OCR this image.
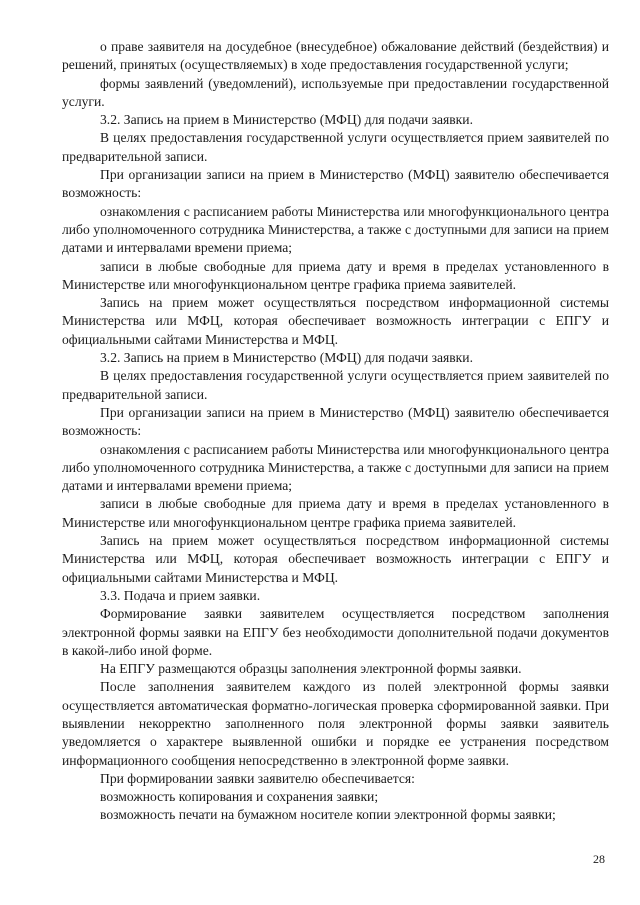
о праве заявителя на досудебное (внесудебное) обжалование действий (бездействия) и решений, принятых (осуществляемых) в ходе предоставления государственной услуги;

формы заявлений (уведомлений), используемые при предоставлении государственной услуги.

3.2. Запись на прием в Министерство (МФЦ) для подачи заявки.

В целях предоставления государственной услуги осуществляется прием заявителей по предварительной записи.

При организации записи на прием в Министерство (МФЦ) заявителю обеспечивается возможность:

ознакомления с расписанием работы Министерства или многофункционального центра либо уполномоченного сотрудника Министерства, а также с доступными для записи на прием датами и интервалами времени приема;

записи в любые свободные для приема дату и время в пределах установленного в Министерстве или многофункциональном центре графика приема заявителей.

Запись на прием может осуществляться посредством информационной системы Министерства или МФЦ, которая обеспечивает возможность интеграции с ЕПГУ и официальными сайтами Министерства и МФЦ.

3.2. Запись на прием в Министерство (МФЦ) для подачи заявки.

В целях предоставления государственной услуги осуществляется прием заявителей по предварительной записи.

При организации записи на прием в Министерство (МФЦ) заявителю обеспечивается возможность:

ознакомления с расписанием работы Министерства или многофункционального центра либо уполномоченного сотрудника Министерства, а также с доступными для записи на прием датами и интервалами времени приема;

записи в любые свободные для приема дату и время в пределах установленного в Министерстве или многофункциональном центре графика приема заявителей.

Запись на прием может осуществляться посредством информационной системы Министерства или МФЦ, которая обеспечивает возможность интеграции с ЕПГУ и официальными сайтами Министерства и МФЦ.

3.3. Подача и прием заявки.

Формирование заявки заявителем осуществляется посредством заполнения электронной формы заявки на ЕПГУ без необходимости дополнительной подачи документов в какой-либо иной форме.

На ЕПГУ размещаются образцы заполнения электронной формы заявки.

После заполнения заявителем каждого из полей электронной формы заявки осуществляется автоматическая форматно-логическая проверка сформированной заявки. При выявлении некорректно заполненного поля электронной формы заявки заявитель уведомляется о характере выявленной ошибки и порядке ее устранения посредством информационного сообщения непосредственно в электронной форме заявки.

При формировании заявки заявителю обеспечивается:

возможность копирования и сохранения заявки;

возможность печати на бумажном носителе копии электронной формы заявки;

28
